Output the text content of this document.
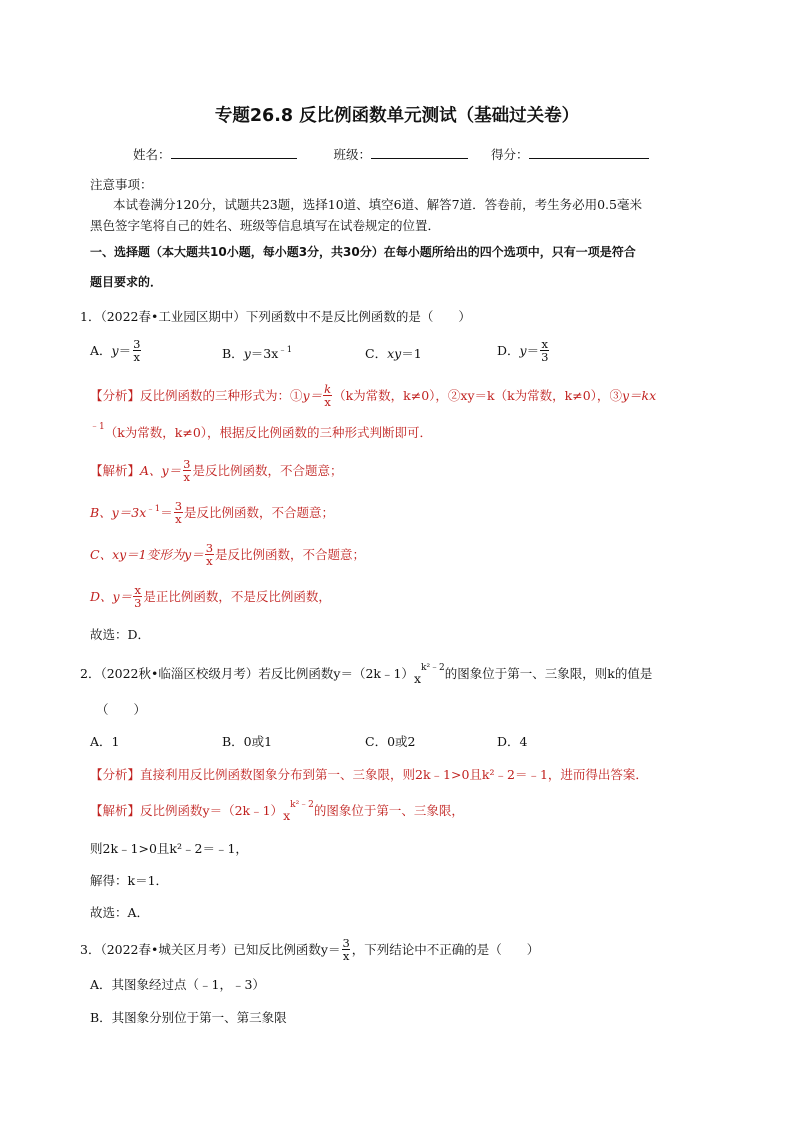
专题26.8 反比例函数单元测试（基础过关卷）
姓名：	班级：	得分：
注意事项：
本试卷满分120分，试题共23题，选择10道、填空6道、解答7道．答卷前，考生务必用0.5毫米
黑色签字笔将自己的姓名、班级等信息填写在试卷规定的位置．
一、选择题（本大题共10小题，每小题3分，共30分）在每小题所给出的四个选项中，只有一项是符合
题目要求的．
1．（2022春•工业园区期中）下列函数中不是反比例函数的是（　　）
A．$y= \frac{3}{x}$	B．$y=3x^{﹣1}$	C．xy＝1	D．$y= \frac{x}{3}$
【分析】反比例函数的三种形式为：①y＝ $\frac{k}{x} (k$为常数，k≠0），②xy＝k（k为常数，k≠0），③y＝kx
$^{﹣1}$（k为常数，k≠0），根据反比例函数的三种形式判断即可．
【解析】A、$y= \frac{3}{x}$ 是反比例函数，不合题意；
B、$y=3x^{﹣1}= \frac{3}{x}$ 是反比例函数，不合题意；
C、xy＝1变形为$y= \frac{3}{x}$ 是反比例函数，不合题意；
D、$y= \frac{x}{3}$ 是正比例函数，不是反比例函数，
故选：D．
2．（2022秋•临淄区校级月考）若反比例函数$y=(2k﹣1)x^{k^2﹣2}$的图象位于第一、三象限，则k的值是
（　　）
A．1	B．0或1	C．0或2	D．4
【分析】直接利用反比例函数图象分布到第一、三象限，则2k﹣1>0且k²﹣2＝﹣1，进而得出答案．
【解析】反比例函数$y=(2k﹣1)x^{k^2﹣2}$的图象位于第一、三象限，
则2k﹣1>0且k²﹣2＝﹣1，
解得：k＝1．
故选：A．
3．（2022春•城关区月考）已知反比例函数$y= \frac{3}{x}$ ，下列结论中不正确的是（　　）
A．其图象经过点（﹣1，﹣3）
B．其图象分别位于第一、第三象限
